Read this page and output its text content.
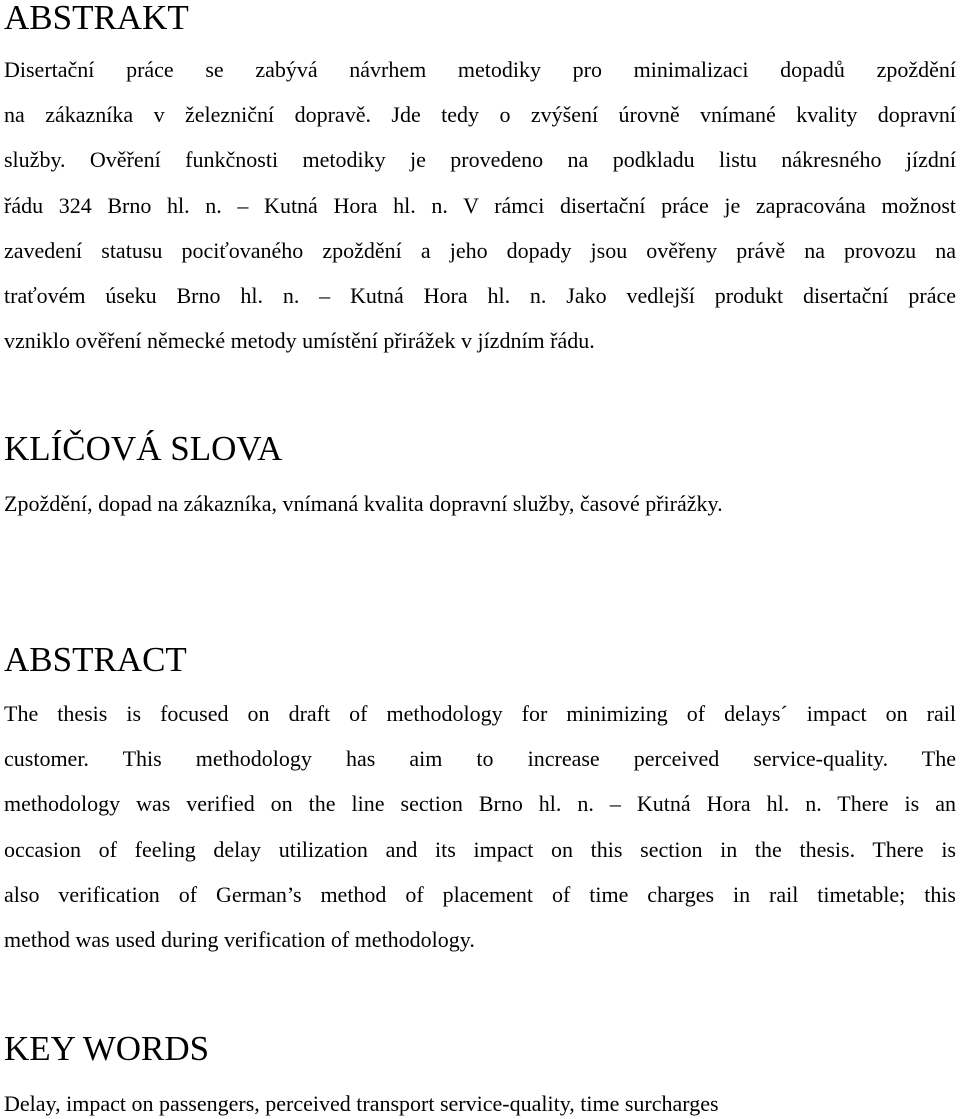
ABSTRAKT
Disertační práce se zabývá návrhem metodiky pro minimalizaci dopadů zpoždění
na zákazníka v železniční dopravě. Jde tedy o zvýšení úrovně vnímané kvality dopravní
služby. Ověření funkčnosti metodiky je provedeno na podkladu listu nákresného jízdní
řádu 324 Brno hl. n. – Kutná Hora hl. n. V rámci disertační práce je zapracována možnost
zavedení statusu pociťovaného zpoždění a jeho dopady jsou ověřeny právě na provozu na
traťovém úseku Brno hl. n. – Kutná Hora hl. n. Jako vedlejší produkt disertační práce
vzniklo ověření německé metody umístění přirážek v jízdním řádu.
KLÍČOVÁ SLOVA

Zpoždění, dopad na zákazníka, vnímaná kvalita dopravní služby, časové přirážky.

ABSTRACT
The thesis is focused on draft of methodology for minimizing of delays´ impact on rail
customer. This methodology has aim to increase perceived service-quality. The
methodology was verified on the line section Brno hl. n. – Kutná Hora hl. n. There is an
occasion of feeling delay utilization and its impact on this section in the thesis. There is
also verification of German’s method of placement of time charges in rail timetable; this
method was used during verification of methodology.
KEY WORDS

Delay, impact on passengers, perceived transport service-quality, time surcharges
